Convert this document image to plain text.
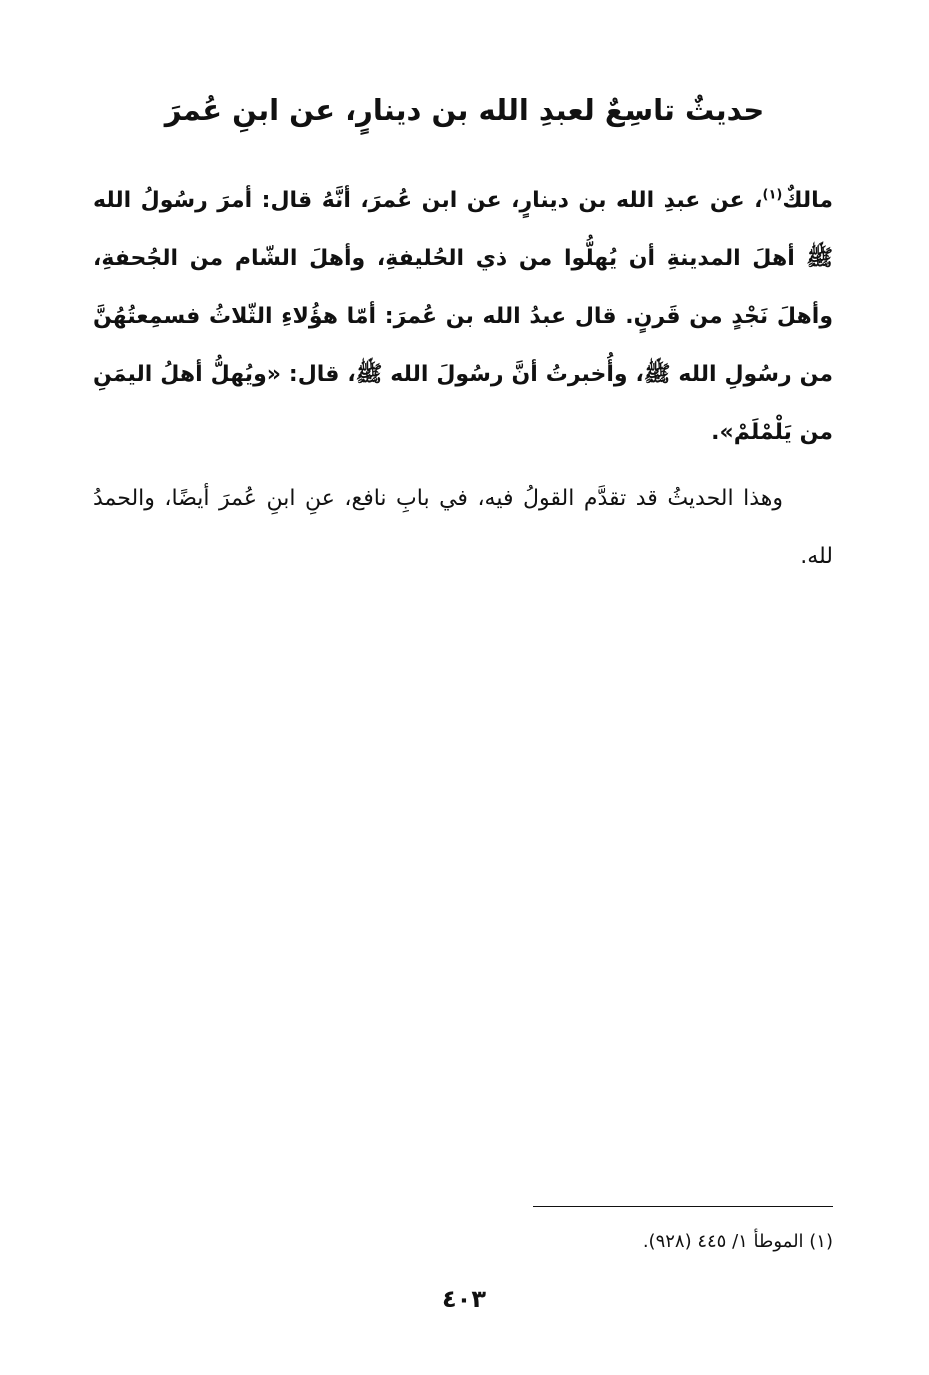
حديثٌ تاسِعٌ لعبدِ الله بن دينارٍ، عن ابنِ عُمرَ

مالكٌ$^{(١)}$، عن عبدِ الله بن دينارٍ، عن ابن عُمرَ، أنَّهُ قال: أمرَ رسُولُ الله ﷺ أهلَ المدينةِ أن يُهلُّوا من ذي الحُليفةِ، وأهلَ الشّام من الجُحفةِ، وأهلَ نَجْدٍ من قَرنٍ. قال عبدُ الله بن عُمرَ: أمّا هؤُلاءِ الثّلاثُ فسمِعتُهُنَّ من رسُولِ الله ﷺ، وأُخبرتُ أنَّ رسُولَ الله ﷺ، قال: «ويُهلُّ أهلُ اليمَنِ من يَلْمْلَمْ».

وهذا الحديثُ قد تقدَّم القولُ فيه، في بابِ نافع، عنِ ابنِ عُمرَ أيضًا، والحمدُ لله.

(١) الموطأ ١/ ٤٤٥ (٩٢٨).

٤٠٣
